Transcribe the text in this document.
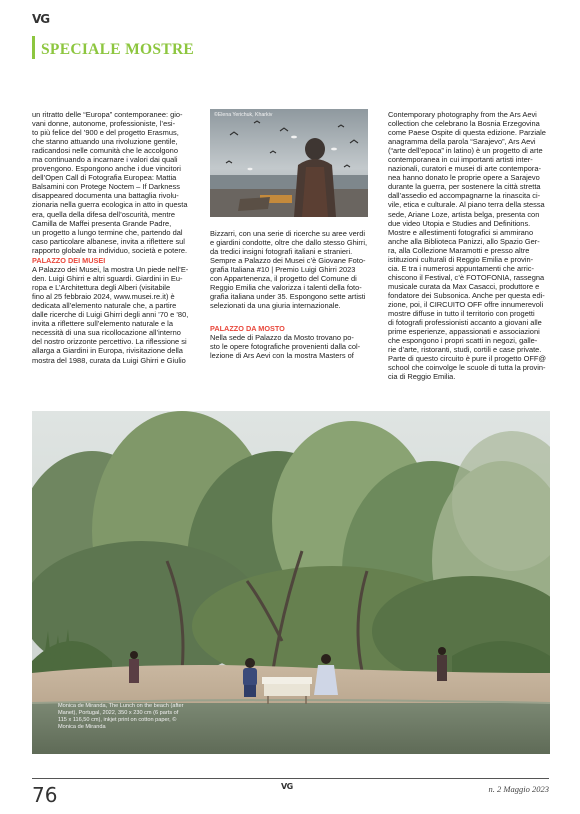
VG
SPECIALE MOSTRE

un ritratto delle “Europa” contemporanee: gio-

vani donne, autonome, professioniste, l’esi-

to più felice del ’900 e del progetto Erasmus,

che stanno attuando una rivoluzione gentile,

radicandosi nelle comunità che le accolgono

ma continuando a incarnare i valori dai quali

provengono. Espongono anche i due vincitori

dell’Open Call di Fotografia Europea: Mattia

Balsamini con Protege Noctem – If Darkness

disappeared documenta una battaglia rivolu-

zionaria nella guerra ecologica in atto in questa

era, quella della difesa dell’oscurità, mentre

Camilla de Maffei presenta Grande Padre,

un progetto a lungo termine che, partendo dal

caso particolare albanese, invita a riflettere sul

rapporto globale tra individuo, società e potere.

PALAZZO DEI MUSEI

A Palazzo dei Musei, la mostra Un piede nell’E-

den. Luigi Ghirri e altri sguardi. Giardini in Eu-

ropa e L’Architettura degli Alberi (visitabile

fino al 25 febbraio 2024, www.musei.re.it) è

dedicata all’elemento naturale che, a partire

dalle ricerche di Luigi Ghirri degli anni ’70 e ’80,

invita a riflettere sull’elemento naturale e la

necessità di una sua ricollocazione all’interno

del nostro orizzonte percettivo. La riflessione si

allarga a Giardini in Europa, rivisitazione della

mostra del 1988, curata da Luigi Ghirri e Giulio

©Elena Yerichuk, Kharkiv

Bizzarri, con una serie di ricerche su aree verdi

e giardini condotte, oltre che dallo stesso Ghirri,

da tredici insigni fotografi italiani e stranieri.

Sempre a Palazzo dei Musei c’è Giovane Foto-

grafia Italiana #10 | Premio Luigi Ghirri 2023

con Appartenenza, il progetto del Comune di

Reggio Emilia che valorizza i talenti della foto-

grafia italiana under 35. Espongono sette artisti

selezionati da una giuria internazionale.

PALAZZO DA MOSTO

Nella sede di Palazzo da Mosto trovano po-

sto le opere fotografiche provenienti dalla col-

lezione di Ars Aevi con la mostra Masters of

Contemporary photography from the Ars Aevi

collection che celebrano la Bosnia Erzegovina

come Paese Ospite di questa edizione. Parziale

anagramma della parola “Sarajevo”, Ars Aevi

(“arte dell’epoca” in latino) è un progetto di arte

contemporanea in cui importanti artisti inter-

nazionali, curatori e musei di arte contempora-

nea hanno donato le proprie opere a Sarajevo

durante la guerra, per sostenere la città stretta

dall’assedio ed accompagnarne la rinascita ci-

vile, etica e culturale. Al piano terra della stessa

sede, Ariane Loze, artista belga, presenta con

due video Utopia e Studies and Definitions.

Mostre e allestimenti fotografici si ammirano

anche alla Biblioteca Panizzi, allo Spazio Ger-

ra, alla Collezione Maramotti e presso altre

istituzioni culturali di Reggio Emilia e provin-

cia. E tra i numerosi appuntamenti che arric-

chiscono il Festival, c’è FOTOFONIA, rassegna

musicale curata da Max Casacci, produttore e

fondatore dei Subsonica. Anche per questa edi-

zione, poi, il CIRCUITO OFF offre innumerevoli

mostre diffuse in tutto il territorio con progetti

di fotografi professionisti accanto a giovani alle

prime esperienze, appassionati e associazioni

che espongono i propri scatti in negozi, galle-

rie d’arte, ristoranti, studi, cortili e case private.

Parte di questo circuito è pure il progetto OFF@

school che coinvolge le scuole di tutta la provin-

cia di Reggio Emilia.

Monica de Miranda, The Lunch on the beach (after

Manet), Portugal, 2022, 350 x 230 cm (6 parts of

115 x 116,50 cm), inkjet print on cotton paper, ©

Monica de Miranda

76	VG	n. 2 Maggio 2023
